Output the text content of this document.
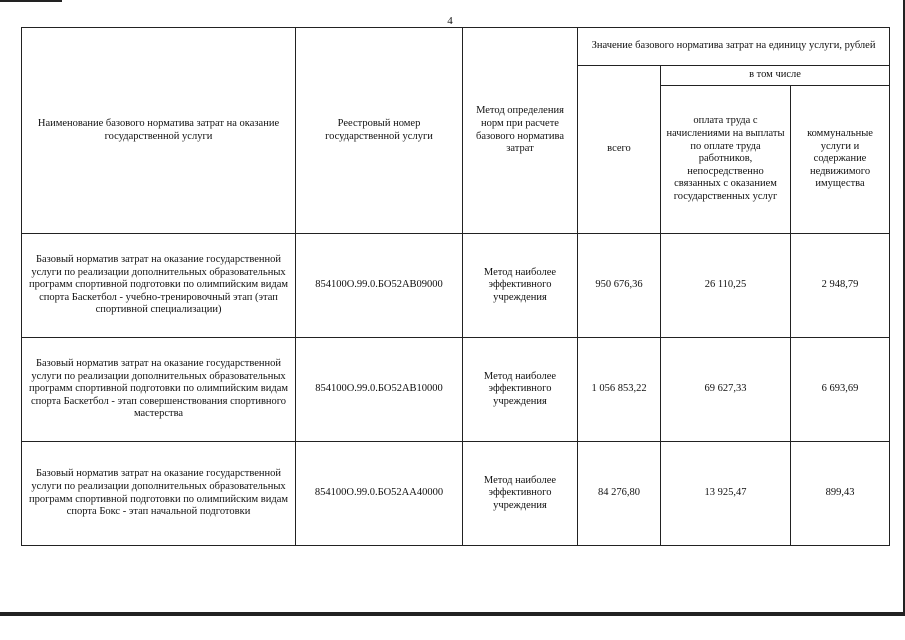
4
Наименование базового норматива затрат на оказание государственной услуги	Реестровый номер государственной услуги	Метод определения норм при расчете базового норматива затрат	Значение базового норматива затрат на единицу услуги, рублей		
			всего	в том числе	
				оплата труда с начислениями на выплаты по оплате труда работников, непосредственно связанных с оказанием государственных услуг	коммунальные услуги и содержание недвижимого имущества
Базовый норматив затрат на оказание государственной услуги по реализации дополнительных образовательных программ спортивной подготовки по олимпийским видам спорта Баскетбол - учебно-тренировочный этап (этап спортивной специализации)	854100О.99.0.БО52АВ09000	Метод наиболее эффективного учреждения	950 676,36	26 110,25	2 948,79
Базовый норматив затрат на оказание государственной услуги по реализации дополнительных образовательных программ спортивной подготовки по олимпийским видам спорта Баскетбол - этап совершенствования спортивного мастерства	854100О.99.0.БО52АВ10000	Метод наиболее эффективного учреждения	1 056 853,22	69 627,33	6 693,69
Базовый норматив затрат на оказание государственной услуги по реализации дополнительных образовательных программ спортивной подготовки по олимпийским видам спорта Бокс - этап начальной подготовки	854100О.99.0.БО52АА40000	Метод наиболее эффективного учреждения	84 276,80	13 925,47	899,43
